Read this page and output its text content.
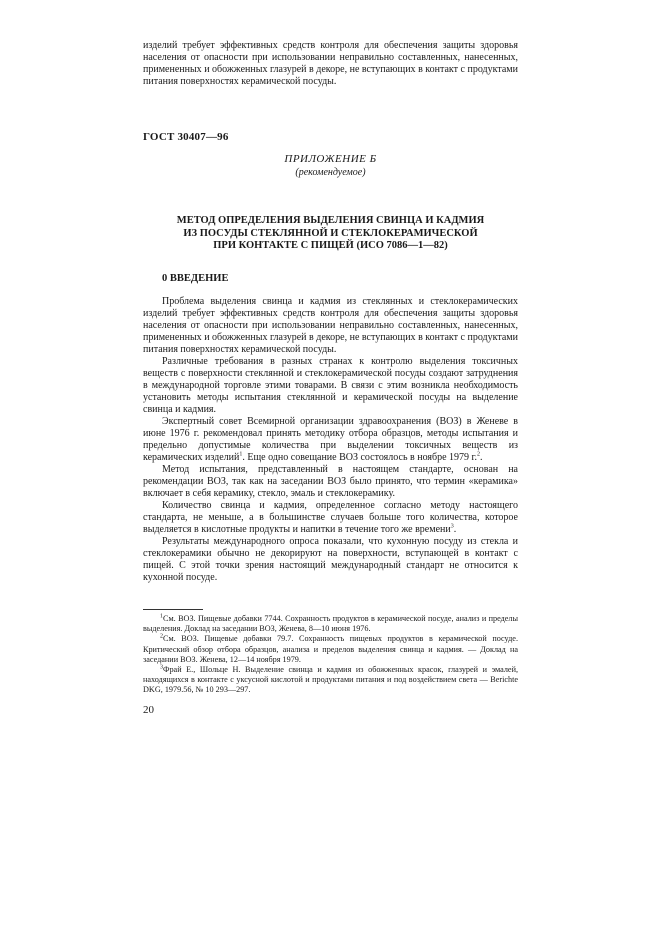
изделий требует эффективных средств контроля для обеспечения защиты здоровья населения от опасности при использовании неправильно составленных, нанесенных, примененных и обожженных глазурей в декоре, не вступающих в контакт с продуктами питания поверхностях керамической посуды.
ГОСТ 30407—96
ПРИЛОЖЕНИЕ Б
(рекомендуемое)
МЕТОД ОПРЕДЕЛЕНИЯ ВЫДЕЛЕНИЯ СВИНЦА И КАДМИЯ
ИЗ ПОСУДЫ СТЕКЛЯННОЙ И СТЕКЛОКЕРАМИЧЕСКОЙ
ПРИ КОНТАКТЕ С ПИЩЕЙ (ИСО 7086—1—82)
0 ВВЕДЕНИЕ

Проблема выделения свинца и кадмия из стеклянных и стеклокерамических изделий требует эффективных средств контроля для обеспечения защиты здоровья населения от опасности при использовании неправильно составленных, нанесенных, примененных и обожженных глазурей в декоре, не вступающих в контакт с продуктами питания поверхностях керамической посуды.

Различные требования в разных странах к контролю выделения токсичных веществ с поверхности стеклянной и стеклокерамической посуды создают затруднения в международной торговле этими товарами. В связи с этим возникла необходимость установить методы испытания стеклянной и керамической посуды на выделение свинца и кадмия.

Экспертный совет Всемирной организации здравоохранения (ВОЗ) в Женеве в июне 1976 г. рекомендовал принять методику отбора образцов, методы испытания и предельно допустимые количества при выделении токсичных веществ из керамических изделий$^1$. Еще одно совещание ВОЗ состоялось в ноябре 1979 г.$^2$.

Метод испытания, представленный в настоящем стандарте, основан на рекомендации ВОЗ, так как на заседании ВОЗ было принято, что термин «керамика» включает в себя керамику, стекло, эмаль и стеклокерамику.

Количество свинца и кадмия, определенное согласно методу настоящего стандарта, не меньше, а в большинстве случаев больше того количества, которое выделяется в кислотные продукты и напитки в течение того же времени$^3$.

Результаты международного опроса показали, что кухонную посуду из стекла и стеклокерамики обычно не декорируют на поверхности, вступающей в контакт с пищей. С этой точки зрения настоящий международный стандарт не относится к кухонной посуде.

$^1$См. ВОЗ. Пищевые добавки 7744. Сохранность продуктов в керамической посуде, анализ и пределы выделения. Доклад на заседании ВОЗ, Женева, 8—10 июня 1976.

$^2$См. ВОЗ. Пищевые добавки 79.7. Сохранность пищевых продуктов в керамической посуде. Критический обзор отбора образцов, анализа и пределов выделения свинца и кадмия. — Доклад на заседании ВОЗ. Женева, 12—14 ноября 1979.

$^3$Фрай Е., Шольце Н. Выделение свинца и кадмия из обожженных красок, глазурей и эмалей, находящихся в контакте с уксусной кислотой и продуктами питания и под воздействием света — Berichte DKG, 1979.56, № 10 293—297.

20
